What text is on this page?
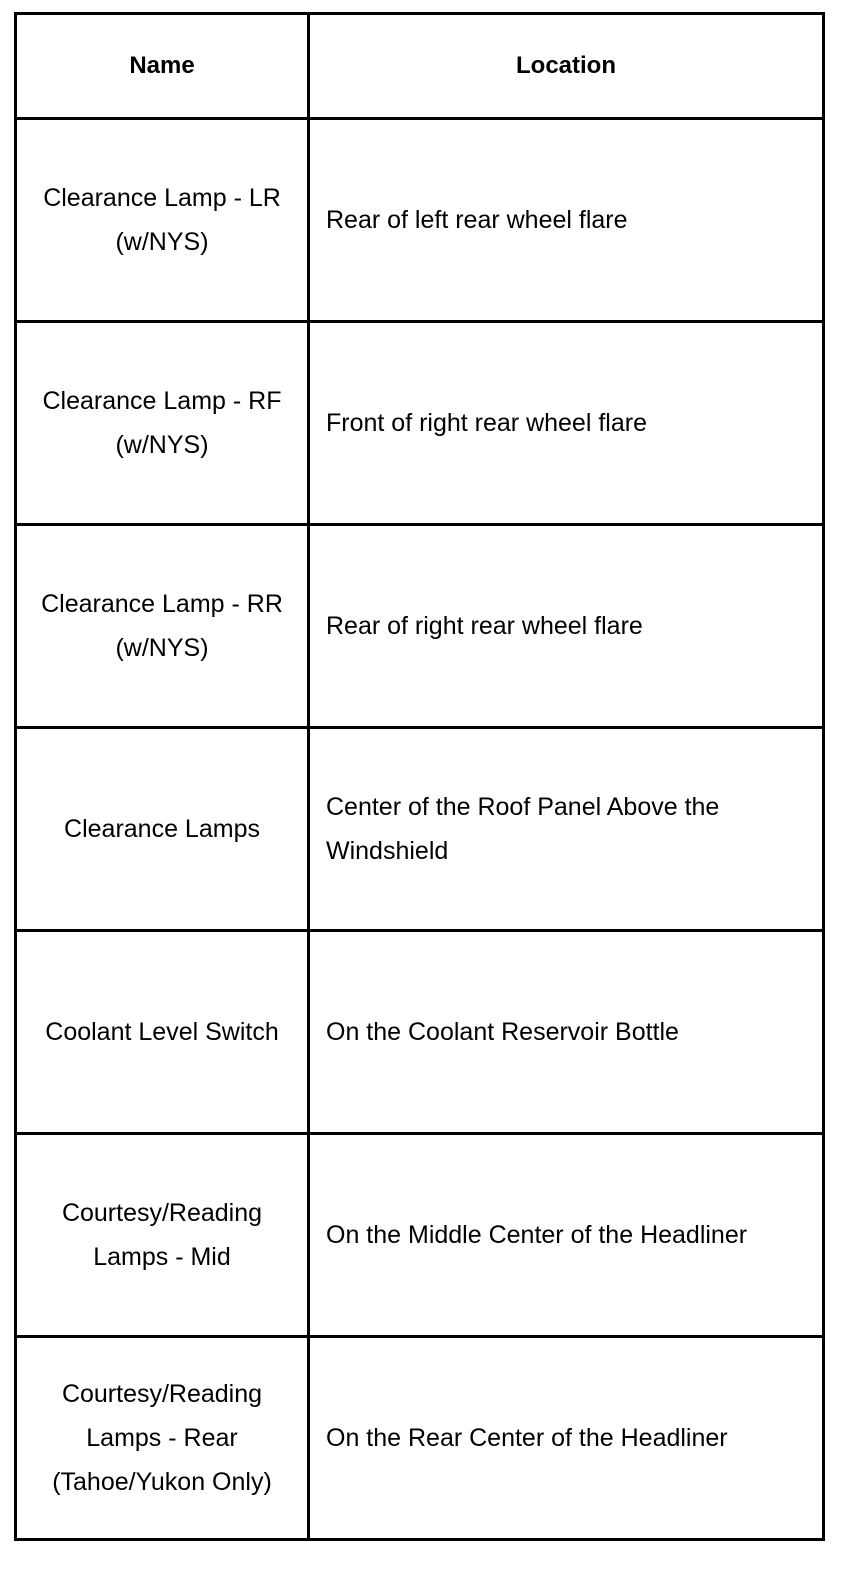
Name	Location
Clearance Lamp - LR (w/NYS)	Rear of left rear wheel flare
Clearance Lamp - RF (w/NYS)	Front of right rear wheel flare
Clearance Lamp - RR (w/NYS)	Rear of right rear wheel flare
Clearance Lamps	Center of the Roof Panel Above the Windshield
Coolant Level Switch	On the Coolant Reservoir Bottle
Courtesy/Reading Lamps - Mid	On the Middle Center of the Headliner
Courtesy/Reading Lamps - Rear (Tahoe/Yukon Only)	On the Rear Center of the Headliner
